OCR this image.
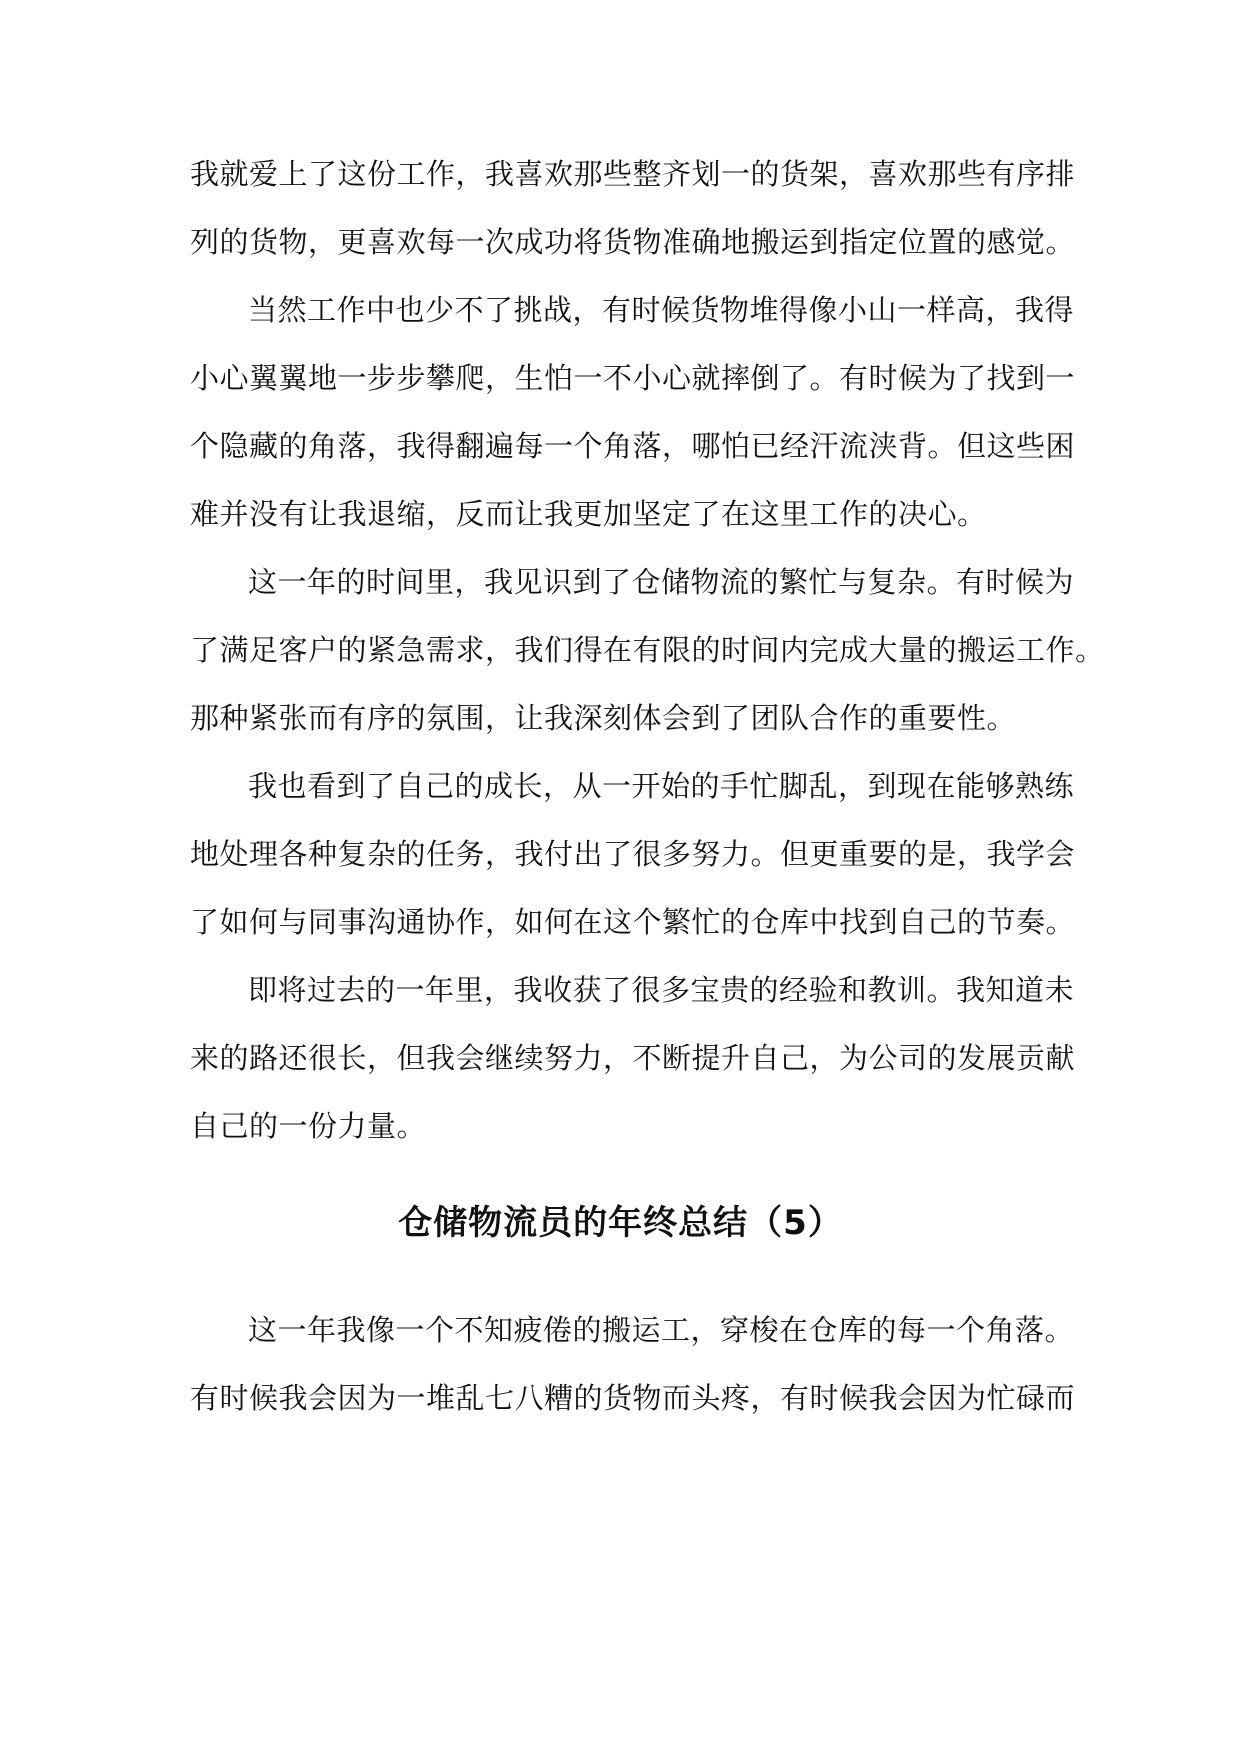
我就爱上了这份工作，我喜欢那些整齐划一的货架，喜欢那些有序排
列的货物，更喜欢每一次成功将货物准确地搬运到指定位置的感觉。
当然工作中也少不了挑战，有时候货物堆得像小山一样高，我得
小心翼翼地一步步攀爬，生怕一不小心就摔倒了。有时候为了找到一
个隐藏的角落，我得翻遍每一个角落，哪怕已经汗流浃背。但这些困
难并没有让我退缩，反而让我更加坚定了在这里工作的决心。
这一年的时间里，我见识到了仓储物流的繁忙与复杂。有时候为
了满足客户的紧急需求，我们得在有限的时间内完成大量的搬运工作。
那种紧张而有序的氛围，让我深刻体会到了团队合作的重要性。
我也看到了自己的成长，从一开始的手忙脚乱，到现在能够熟练
地处理各种复杂的任务，我付出了很多努力。但更重要的是，我学会
了如何与同事沟通协作，如何在这个繁忙的仓库中找到自己的节奏。
即将过去的一年里，我收获了很多宝贵的经验和教训。我知道未
来的路还很长，但我会继续努力，不断提升自己，为公司的发展贡献
自己的一份力量。
仓储物流员的年终总结（5）
这一年我像一个不知疲倦的搬运工，穿梭在仓库的每一个角落。
有时候我会因为一堆乱七八糟的货物而头疼，有时候我会因为忙碌而
